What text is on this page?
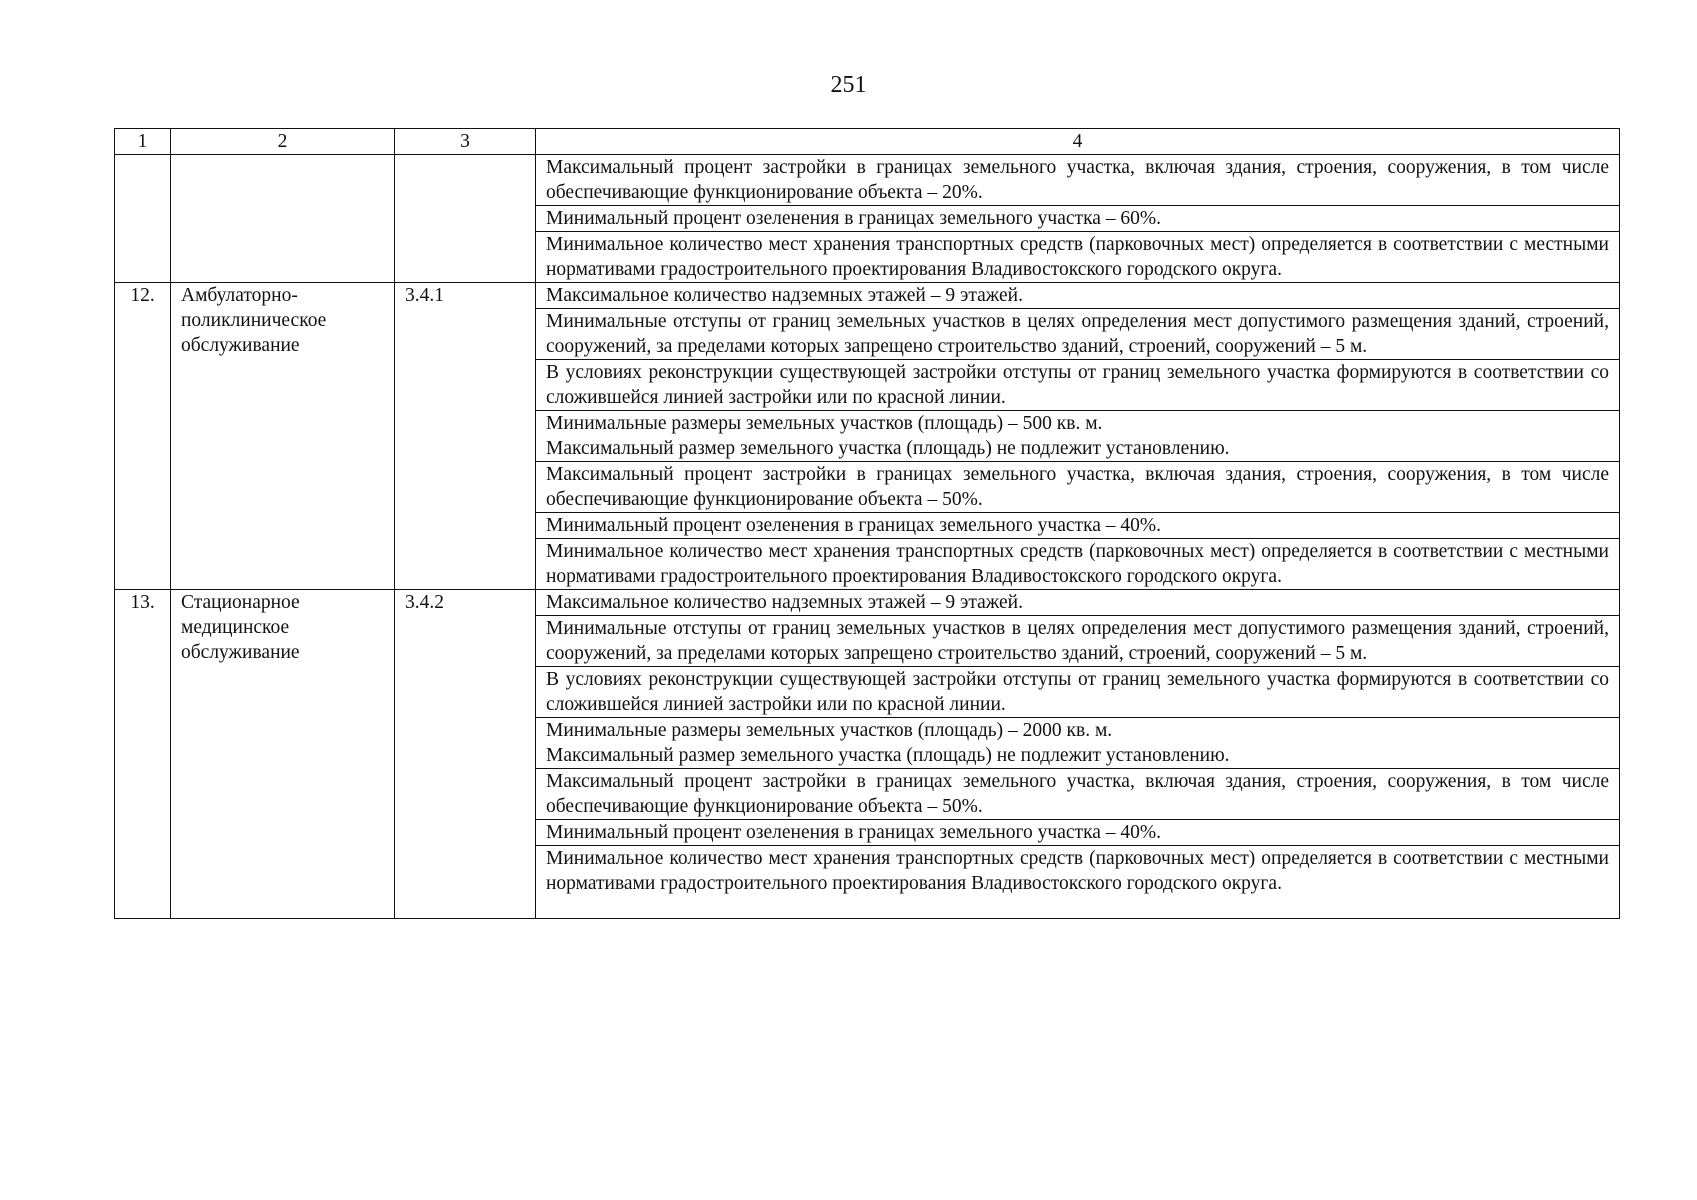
251
1	2	3	4

			Максимальный процент застройки в границах земельного участка, включая здания, строения, сооружения, в том числе обеспечивающие функционирование объекта – 20%.

			Минимальный процент озеленения в границах земельного участка – 60%.

			Минимальное количество мест хранения транспортных средств (парковочных мест) определяется в соответствии с местными нормативами градостроительного проектирования Владивостокского городского округа.

12.	Амбулаторно-поликлиническое обслуживание	3.4.1	Максимальное количество надземных этажей – 9 этажей.

			Минимальные отступы от границ земельных участков в целях определения мест допустимого размещения зданий, строений, сооружений, за пределами которых запрещено строительство зданий, строений, сооружений – 5 м.

			В условиях реконструкции существующей застройки отступы от границ земельного участка формируются в соответствии со сложившейся линией застройки или по красной линии.

			Минимальные размеры земельных участков (площадь) – 500 кв. м.
Максимальный размер земельного участка (площадь) не подлежит установлению.

			Максимальный процент застройки в границах земельного участка, включая здания, строения, сооружения, в том числе обеспечивающие функционирование объекта – 50%.

			Минимальный процент озеленения в границах земельного участка – 40%.

			Минимальное количество мест хранения транспортных средств (парковочных мест) определяется в соответствии с местными нормативами градостроительного проектирования Владивостокского городского округа.

13.	Стационарное медицинское обслуживание	3.4.2	Максимальное количество надземных этажей – 9 этажей.

			Минимальные отступы от границ земельных участков в целях определения мест допустимого размещения зданий, строений, сооружений, за пределами которых запрещено строительство зданий, строений, сооружений – 5 м.

			В условиях реконструкции существующей застройки отступы от границ земельного участка формируются в соответствии со сложившейся линией застройки или по красной линии.

			Минимальные размеры земельных участков (площадь) – 2000 кв. м.
Максимальный размер земельного участка (площадь) не подлежит установлению.

			Максимальный процент застройки в границах земельного участка, включая здания, строения, сооружения, в том числе обеспечивающие функционирование объекта – 50%.

			Минимальный процент озеленения в границах земельного участка – 40%.

			Минимальное количество мест хранения транспортных средств (парковочных мест) определяется в соответствии с местными нормативами градостроительного проектирования Владивостокского городского округа.
